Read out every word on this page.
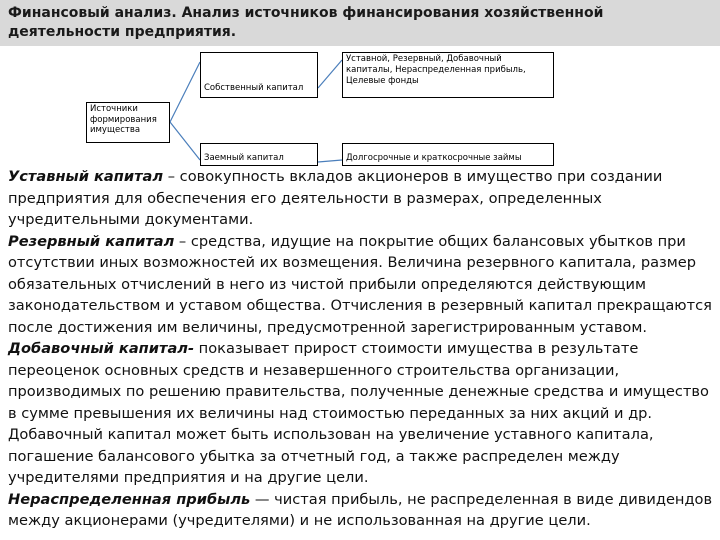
Финансовый анализ. Анализ источников финансирования хозяйственной деятельности предприятия.
Собственный капитал
Уставной, Резервный, Добавочный капиталы, Нераспределенная прибыль, Целевые фонды
Источники формирования имущества
Заемный капитал	Долгосрочные и краткосрочные займы

Уставный капитал – совокупность вкладов акционеров в имущество при создании предприятия для обеспечения его деятельности в размерах, определенных учредительными документами.

Резервный капитал – средства, идущие на покрытие общих балансовых убытков при отсутствии иных возможностей их возмещения. Величина резервного капитала, размер обязательных отчислений в него из чистой прибыли определяются действующим законодательством и уставом общества. Отчисления в резервный капитал прекращаются после достижения им величины, предусмотренной зарегистрированным уставом.

Добавочный капитал- показывает прирост стоимости имущества в результате переоценок основных средств и незавершенного строительства организации, производимых по решению правительства, полученные денежные средства и имущество в сумме превышения их величины над стоимостью переданных за них акций и др. Добавочный капитал может быть использован на увеличение уставного капитала, погашение балансового убытка за отчетный год, а также распределен между учредителями предприятия и на другие цели.

Нераспределенная прибыль — чистая прибыль, не распределенная в виде дивидендов между акционерами (учредителями) и не использованная на другие цели.
